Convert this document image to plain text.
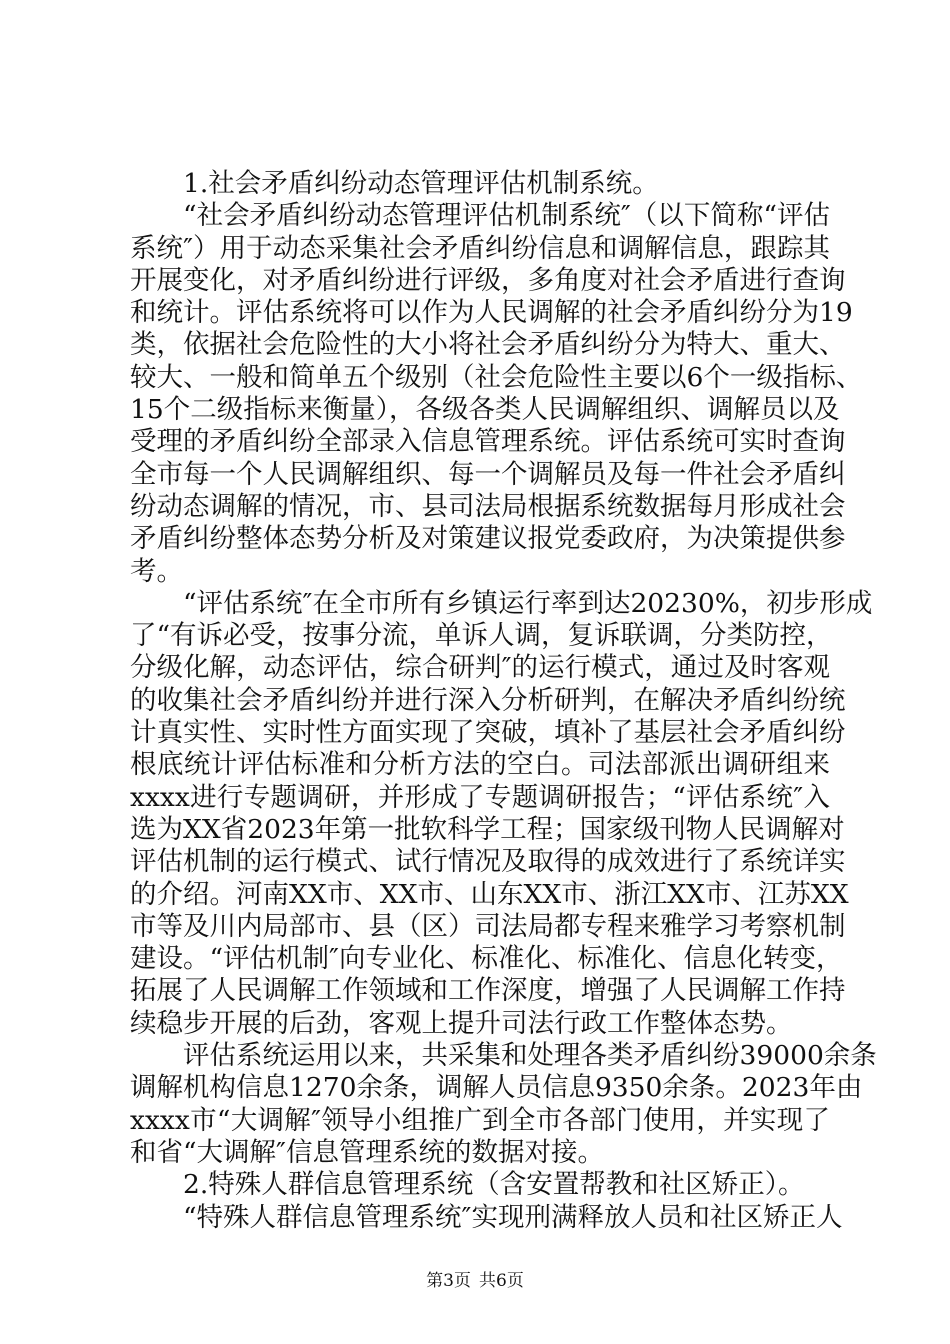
1.社会矛盾纠纷动态管理评估机制系统。
“社会矛盾纠纷动态管理评估机制系统″（以下简称“评估
系统″）用于动态采集社会矛盾纠纷信息和调解信息，跟踪其
开展变化，对矛盾纠纷进行评级，多角度对社会矛盾进行查询
和统计。评估系统将可以作为人民调解的社会矛盾纠纷分为19
类，依据社会危险性的大小将社会矛盾纠纷分为特大、重大、
较大、一般和简单五个级别（社会危险性主要以6个一级指标、
15个二级指标来衡量），各级各类人民调解组织、调解员以及
受理的矛盾纠纷全部录入信息管理系统。评估系统可实时查询
全市每一个人民调解组织、每一个调解员及每一件社会矛盾纠
纷动态调解的情况，市、县司法局根据系统数据每月形成社会
矛盾纠纷整体态势分析及对策建议报党委政府，为决策提供参
考。
“评估系统″在全市所有乡镇运行率到达20230%，初步形成
了“有诉必受，按事分流，单诉人调，复诉联调，分类防控，
分级化解，动态评估，综合研判″的运行模式，通过及时客观
的收集社会矛盾纠纷并进行深入分析研判，在解决矛盾纠纷统
计真实性、实时性方面实现了突破，填补了基层社会矛盾纠纷
根底统计评估标准和分析方法的空白。司法部派出调研组来
xxxx进行专题调研，并形成了专题调研报告；“评估系统″入
选为XX省2023年第一批软科学工程；国家级刊物人民调解对
评估机制的运行模式、试行情况及取得的成效进行了系统详实
的介绍。河南XX市、XX市、山东XX市、浙江XX市、江苏XX
市等及川内局部市、县（区）司法局都专程来雅学习考察机制
建设。“评估机制″向专业化、标准化、标准化、信息化转变，
拓展了人民调解工作领域和工作深度，增强了人民调解工作持
续稳步开展的后劲，客观上提升司法行政工作整体态势。
评估系统运用以来，共采集和处理各类矛盾纠纷39000余条
调解机构信息1270余条，调解人员信息9350余条。2023年由
xxxx市“大调解″领导小组推广到全市各部门使用，并实现了
和省“大调解″信息管理系统的数据对接。
2.特殊人群信息管理系统（含安置帮教和社区矫正）。
“特殊人群信息管理系统″实现刑满释放人员和社区矫正人
第3页 共6页
